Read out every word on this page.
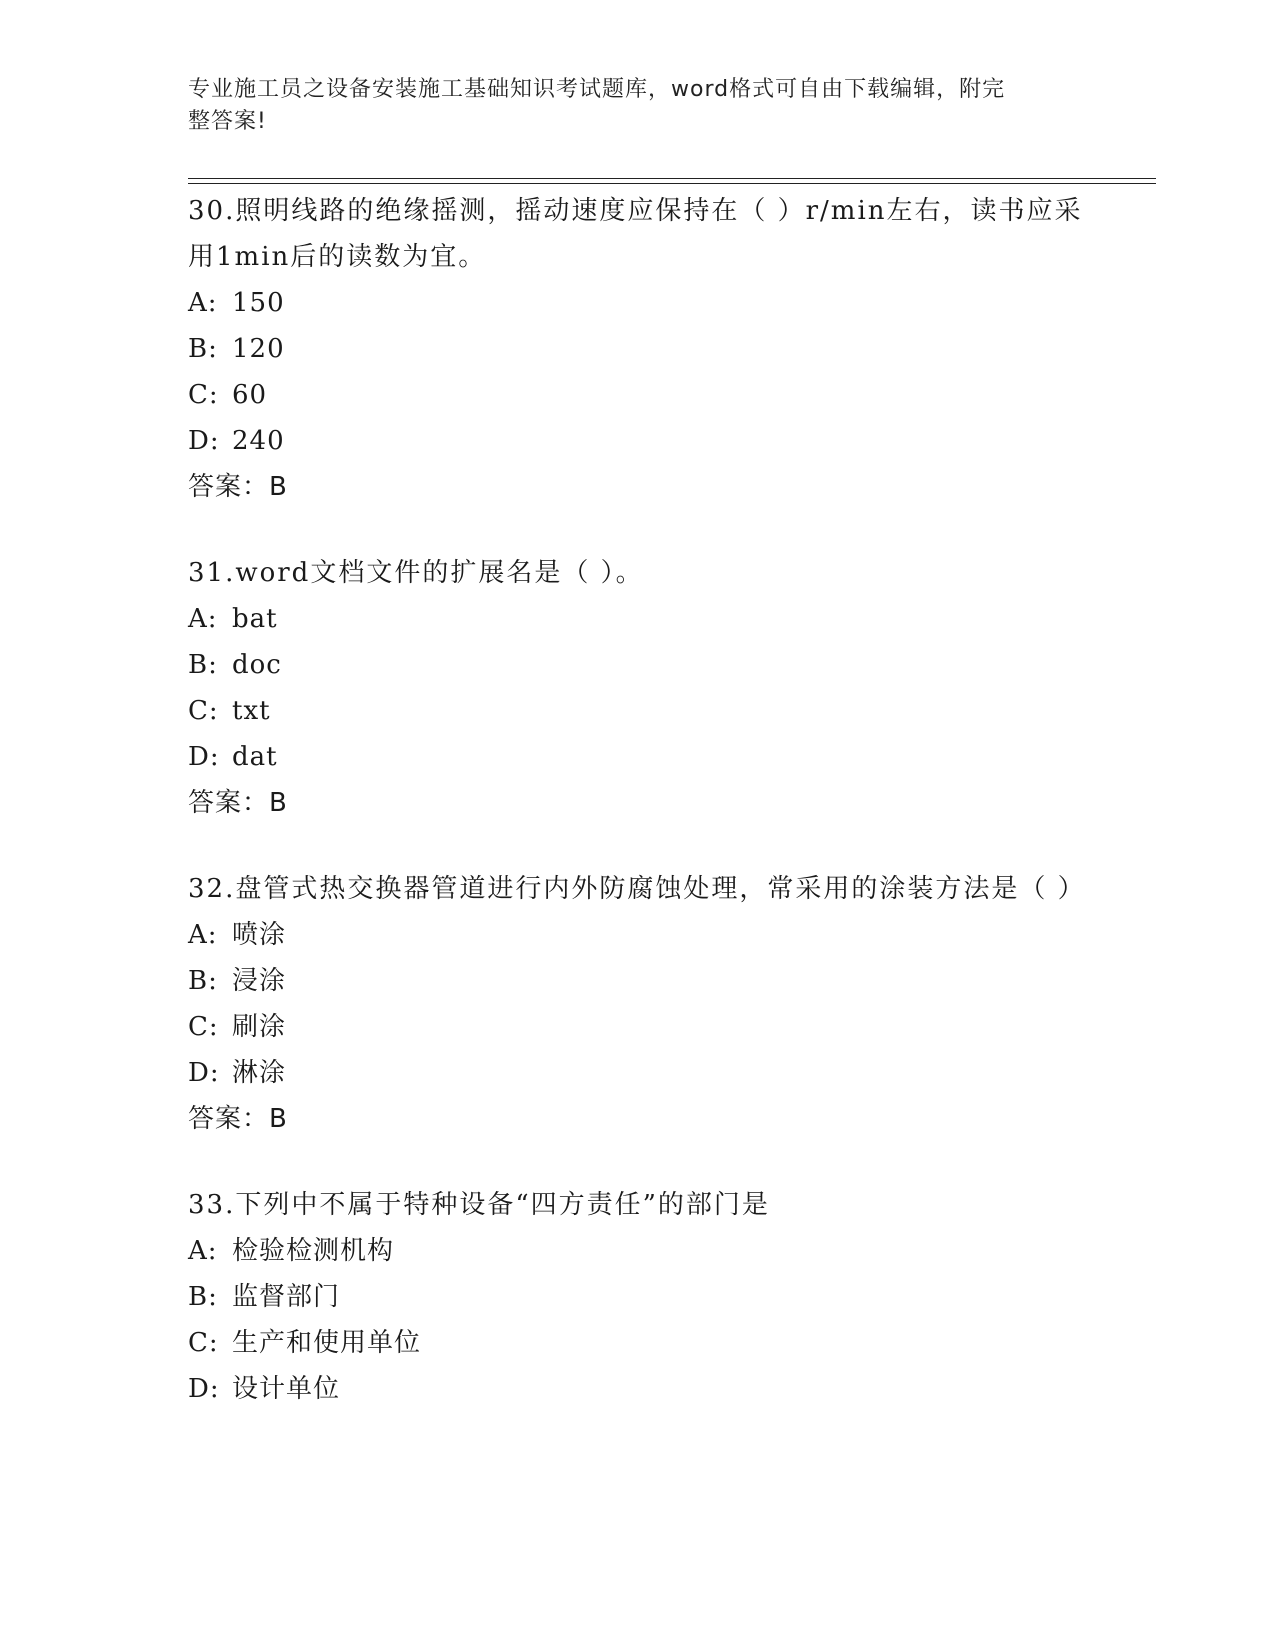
专业施工员之设备安装施工基础知识考试题库，word格式可自由下载编辑，附完
整答案!

30.照明线路的绝缘摇测，摇动速度应保持在（ ）r/min左右，读书应采用1min后的读数为宜。

A: 150

B: 120

C: 60

D: 240

答案：B

31.word文档文件的扩展名是（ ）。

A: bat

B: doc

C: txt

D: dat

答案：B

32.盘管式热交换器管道进行内外防腐蚀处理，常采用的涂装方法是（ ）

A: 喷涂

B: 浸涂

C: 刷涂

D: 淋涂

答案：B

33.下列中不属于特种设备“四方责任”的部门是

A: 检验检测机构

B: 监督部门

C: 生产和使用单位

D: 设计单位
